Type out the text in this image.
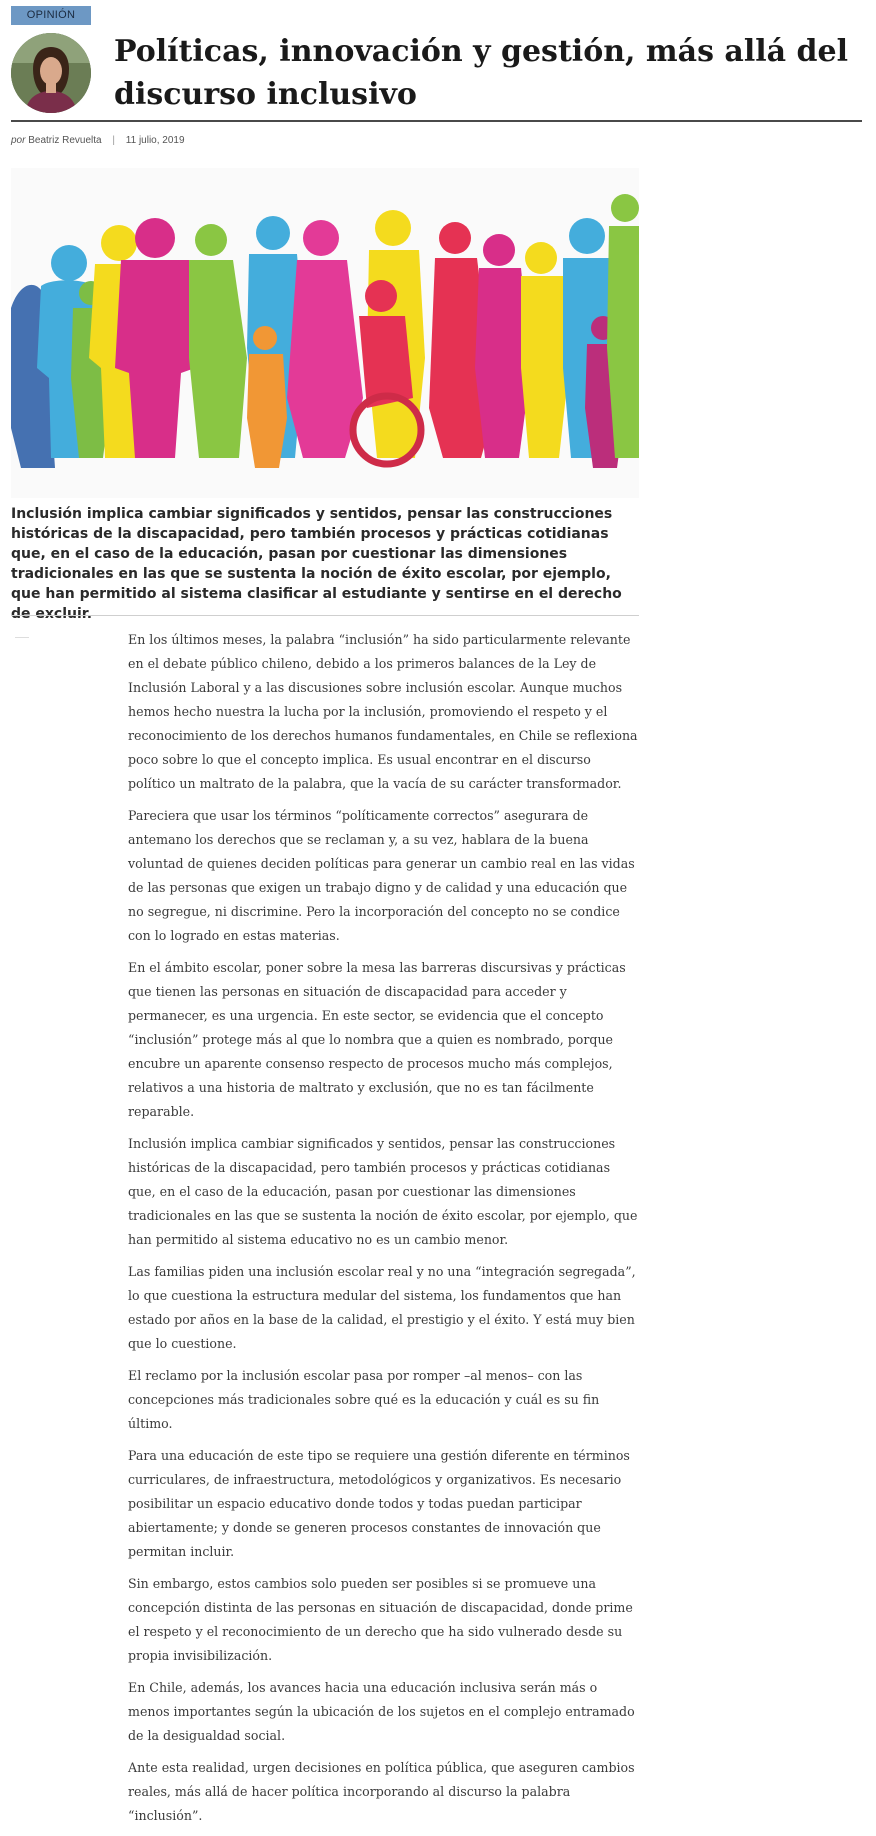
OPINIÓN
Políticas, innovación y gestión, más allá del discurso inclusivo
por Beatriz Revuelta | 11 julio, 2019

Inclusión implica cambiar significados y sentidos, pensar las construcciones históricas de la discapacidad, pero también procesos y prácticas cotidianas que, en el caso de la educación, pasan por cuestionar las dimensiones tradicionales en las que se sustenta la noción de éxito escolar, por ejemplo, que han permitido al sistema clasificar al estudiante y sentirse en el derecho de excluir.

En los últimos meses, la palabra “inclusión” ha sido particularmente relevante en el debate público chileno, debido a los primeros balances de la Ley de Inclusión Laboral y a las discusiones sobre inclusión escolar. Aunque muchos hemos hecho nuestra la lucha por la inclusión, promoviendo el respeto y el reconocimiento de los derechos humanos fundamentales, en Chile se reflexiona poco sobre lo que el concepto implica. Es usual encontrar en el discurso político un maltrato de la palabra, que la vacía de su carácter transformador.

Pareciera que usar los términos “políticamente correctos” asegurara de antemano los derechos que se reclaman y, a su vez, hablara de la buena voluntad de quienes deciden políticas para generar un cambio real en las vidas de las personas que exigen un trabajo digno y de calidad y una educación que no segregue, ni discrimine. Pero la incorporación del concepto no se condice con lo logrado en estas materias.

En el ámbito escolar, poner sobre la mesa las barreras discursivas y prácticas que tienen las personas en situación de discapacidad para acceder y permanecer, es una urgencia. En este sector, se evidencia que el concepto “inclusión” protege más al que lo nombra que a quien es nombrado, porque encubre un aparente consenso respecto de procesos mucho más complejos, relativos a una historia de maltrato y exclusión, que no es tan fácilmente reparable.

Inclusión implica cambiar significados y sentidos, pensar las construcciones históricas de la discapacidad, pero también procesos y prácticas cotidianas que, en el caso de la educación, pasan por cuestionar las dimensiones tradicionales en las que se sustenta la noción de éxito escolar, por ejemplo, que han permitido al sistema educativo no es un cambio menor.

Las familias piden una inclusión escolar real y no una “integración segregada”, lo que cuestiona la estructura medular del sistema, los fundamentos que han estado por años en la base de la calidad, el prestigio y el éxito. Y está muy bien que lo cuestione.

El reclamo por la inclusión escolar pasa por romper –al menos– con las concepciones más tradicionales sobre qué es la educación y cuál es su fin último.

Para una educación de este tipo se requiere una gestión diferente en términos curriculares, de infraestructura, metodológicos y organizativos. Es necesario posibilitar un espacio educativo donde todos y todas puedan participar abiertamente; y donde se generen procesos constantes de innovación que permitan incluir.

Sin embargo, estos cambios solo pueden ser posibles si se promueve una concepción distinta de las personas en situación de discapacidad, donde prime el respeto y el reconocimiento de un derecho que ha sido vulnerado desde su propia invisibilización.

En Chile, además, los avances hacia una educación inclusiva serán más o menos importantes según la ubicación de los sujetos en el complejo entramado de la desigualdad social.

Ante esta realidad, urgen decisiones en política pública, que aseguren cambios reales, más allá de hacer política incorporando al discurso la palabra “inclusión”.
